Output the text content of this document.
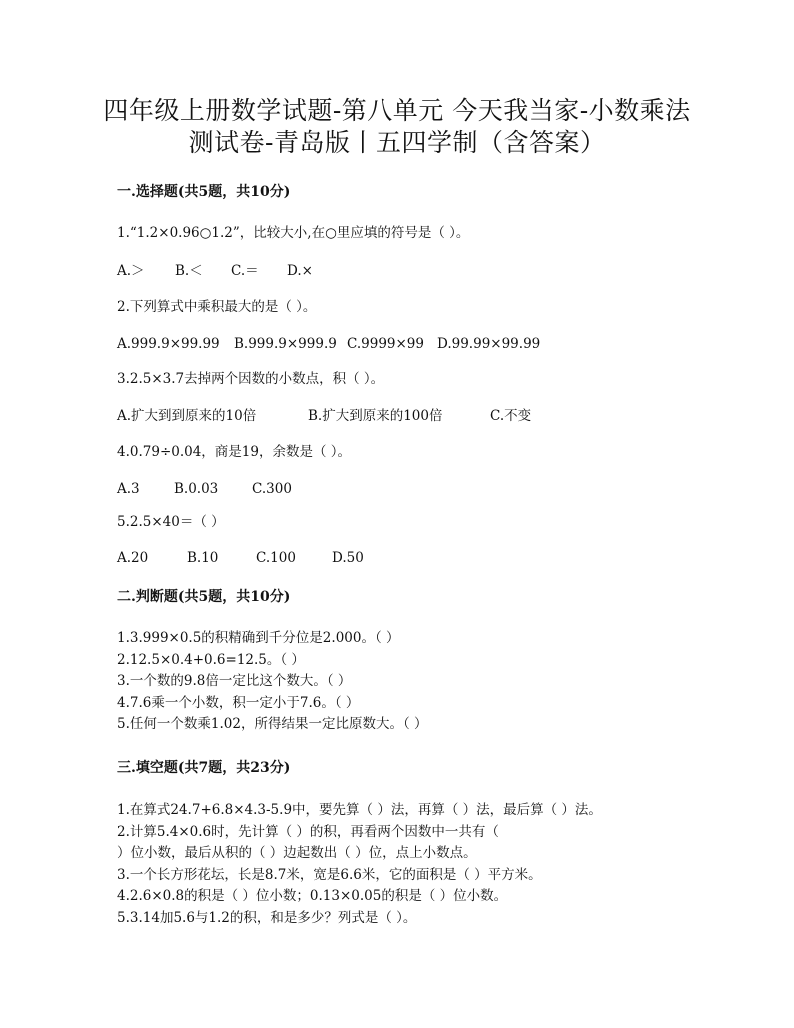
四年级上册数学试题-第八单元 今天我当家-小数乘法
测试卷-青岛版丨五四学制（含答案）
一.选择题(共5题，共10分)
1.“1.2×0.96○1.2”，比较大小,在○里应填的符号是（ ）。
A.＞ B.＜ C.＝ D.×
2.下列算式中乘积最大的是（ ）。
A.999.9×99.99 B.999.9×999.9 C.9999×99 D.99.99×99.99
3.2.5×3.7去掉两个因数的小数点，积（ ）。
A.扩大到到原来的10倍	B.扩大到原来的100倍	C.不变
4.0.79÷0.04，商是19，余数是（ ）。
A.3	B.0.03 C.300
5.2.5×40＝（ ）
A.20	B.10	C.100	D.50
二.判断题(共5题，共10分)
1.3.999×0.5的积精确到千分位是2.000。（ ）
2.12.5×0.4+0.6=12.5。（ ）
3.一个数的9.8倍一定比这个数大。（ ）
4.7.6乘一个小数，积一定小于7.6。（ ）
5.任何一个数乘1.02，所得结果一定比原数大。（ ）
三.填空题(共7题，共23分)
1.在算式24.7+6.8×4.3-5.9中，要先算（ ）法，再算（ ）法，最后算（ ）法。
2.计算5.4×0.6时，先计算（ ）的积，再看两个因数中一共有（
）位小数，最后从积的（ ）边起数出（ ）位，点上小数点。
3.一个长方形花坛，长是8.7米，宽是6.6米，它的面积是（ ）平方米。
4.2.6×0.8的积是（ ）位小数；0.13×0.05的积是（ ）位小数。
5.3.14加5.6与1.2的积，和是多少？列式是（ ）。
